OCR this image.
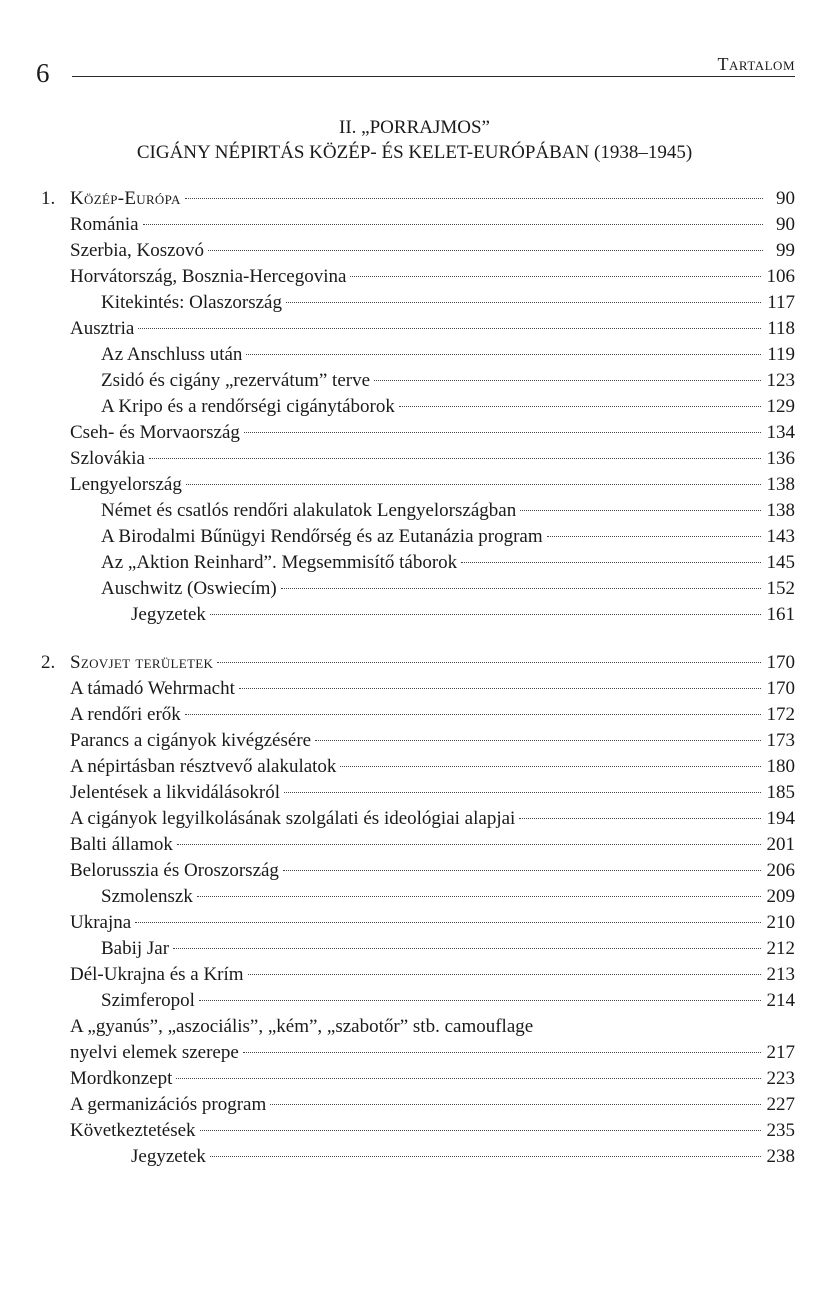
6	Tartalom
II. „PORRAJMOS”
CIGÁNY NÉPIRTÁS KÖZÉP- ÉS KELET-EURÓPÁBAN (1938–1945)
1. Közép-Európa	90
Románia	90
Szerbia, Koszovó	99
Horvátország, Bosznia-Hercegovina	106
Kitekintés: Olaszország	117
Ausztria	118
Az Anschluss után	119
Zsidó és cigány „rezervátum” terve	123
A Kripo és a rendőrségi cigánytáborok	129
Cseh- és Morvaország	134
Szlovákia	136
Lengyelország	138
Német és csatlós rendőri alakulatok Lengyelországban	138
A Birodalmi Bűnügyi Rendőrség és az Eutanázia program	143
Az „Aktion Reinhard”. Megsemmisítő táborok	145
Auschwitz (Oswiecím)	152
Jegyzetek	161
2. Szovjet területek	170
A támadó Wehrmacht	170
A rendőri erők	172
Parancs a cigányok kivégzésére	173
A népirtásban résztvevő alakulatok	180
Jelentések a likvidálásokról	185
A cigányok legyilkolásának szolgálati és ideológiai alapjai	194
Balti államok	201
Belorusszia és Oroszország	206
Szmolenszk	209
Ukrajna	210
Babij Jar	212
Dél-Ukrajna és a Krím	213
Szimferopol	214
A „gyanús”, „aszociális”, „kém”, „szabotőr” stb. camouflage
nyelvi elemek szerepe	217
Mordkonzept	223
A germanizációs program	227
Következtetések	235
Jegyzetek	238
